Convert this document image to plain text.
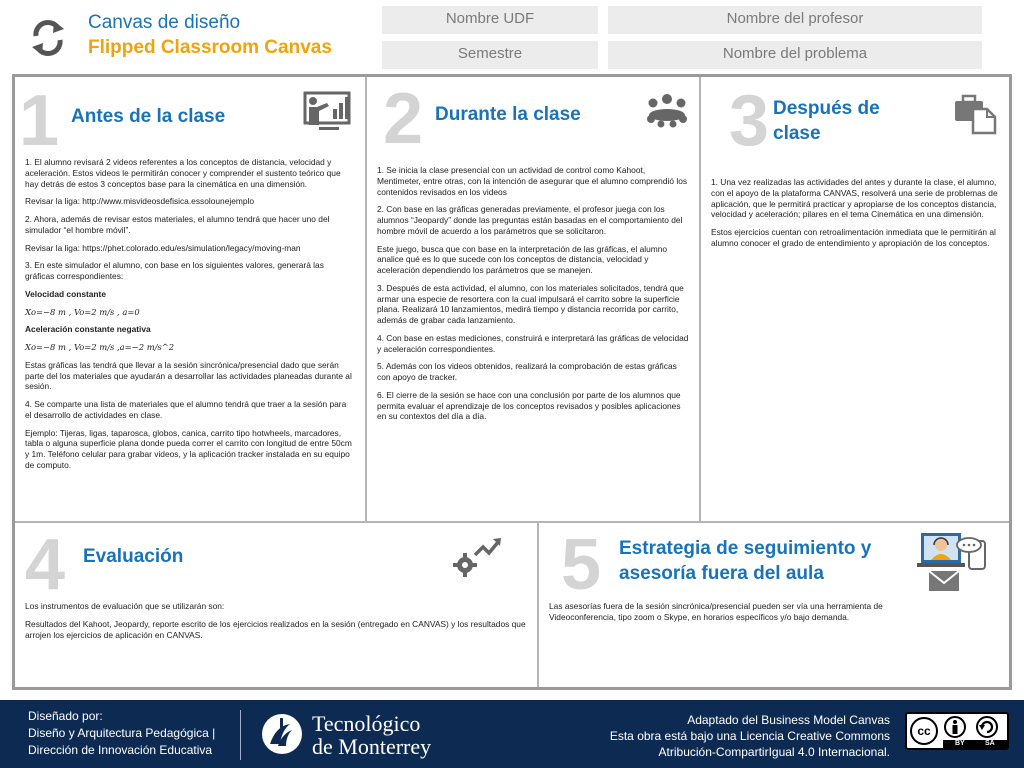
Canvas de diseño
Flipped Classroom Canvas
Nombre UDF	Nombre del profesor
Semestre	Nombre del problema
1 Antes de la clase

1. El alumno revisará 2 videos referentes a los conceptos de distancia, velocidad y aceleración. Estos videos le permitirán conocer y comprender el sustento teórico que hay detrás de estos 3 conceptos base para la cinemática en una dimensión.

Revisar la liga: http://www.misvideosdefisica.essolounejemplo

2. Ahora, además de revisar estos materiales, el alumno tendrá que hacer uno del simulador “el hombre móvil”.

Revisar la liga: https://phet.colorado.edu/es/simulation/legacy/moving-man

3. En este simulador el alumno, con base en los siguientes valores, generará las gráficas correspondientes:

Velocidad constante

Xo=−8 m , Vo=2 m/s , a=0

Aceleración constante negativa

Xo=−8 m , Vo=2 m/s ,a=−2 m/s^2

Estas gráficas las tendrá que llevar a la sesión sincrónica/presencial dado que serán parte del los materiales que ayudarán a desarrollar las actividades planeadas durante al sesión.

4. Se comparte una lista de materiales que el alumno tendrá que traer a la sesión para el desarrollo de actividades en clase.

Ejemplo: Tijeras, ligas, taparosca, globos, canica, carrito tipo hotwheels, marcadores, tabla o alguna superficie plana donde pueda correr el carrito con longitud de entre 50cm y 1m. Teléfono celular para grabar videos, y la aplicación tracker instalada en su equipo de computo.

2 Durante la clase

1. Se inicia la clase presencial con un actividad de control como Kahoot, Mentimeter, entre otras, con la intención de asegurar que el alumno comprendió los contenidos revisados en los videos

2. Con base en las gráficas generadas previamente, el profesor juega con los alumnos “Jeopardy” donde las preguntas están basadas en el comportamiento del hombre móvil de acuerdo a los parámetros que se solicitaron.

Este juego, busca que con base en la interpretación de las gráficas, el alumno analice qué es lo que sucede con los conceptos de distancia, velocidad y aceleración dependiendo los parámetros que se manejen.

3. Después de esta actividad, el alumno, con los materiales solicitados, tendrá que armar una especie de resortera con la cual impulsará el carrito sobre la superficie plana. Realizará 10 lanzamientos, medirá tiempo y distancia recorrida por carrito, además de grabar cada lanzamiento.

4. Con base en estas mediciones, construirá e interpretará las gráficas de velocidad y aceleración correspondientes.

5. Además con los videos obtenidos, realizará la comprobación de estas gráficas con apoyo de tracker.

6. El cierre de la sesión se hace con una conclusión por parte de los alumnos que permita evaluar el aprendizaje de los conceptos revisados y posibles aplicaciones en su contextos del día a día.

3 Después de clase

1. Una vez realizadas las actividades del antes y durante la clase, el alumno, con el apoyo de la plataforma CANVAS, resolverá una serie de problemas de aplicación, que le permitirá practicar y apropiarse de los conceptos distancia, velocidad y aceleración; pilares en el tema Cinemática en una dimensión.

Estos ejercicios cuentan con retroalimentación inmediata que le permitirán al alumno conocer el grado de entendimiento y apropiación de los conceptos.

4 Evaluación

Los instrumentos de evaluación que se utilizarán son:

Resultados del Kahoot, Jeopardy, reporte escrito de los ejercicios realizados en la sesión (entregado en CANVAS) y los resultados que arrojen los ejercicios de aplicación en CANVAS.

5 Estrategia de seguimiento y asesoría fuera del aula

Las asesorías fuera de la sesión sincrónica/presencial pueden ser vía una herramienta de Videoconferencia, tipo zoom o Skype, en horarios específicos y/o bajo demanda.

Diseñado por:
Diseño y Arquitectura Pedagógica |
Dirección de Innovación Educativa
Tecnológico
de Monterrey
Adaptado del Business Model Canvas
Esta obra está bajo una Licencia Creative Commons
Atribución-CompartirIgual 4.0 Internacional.
cc
BY	SA
